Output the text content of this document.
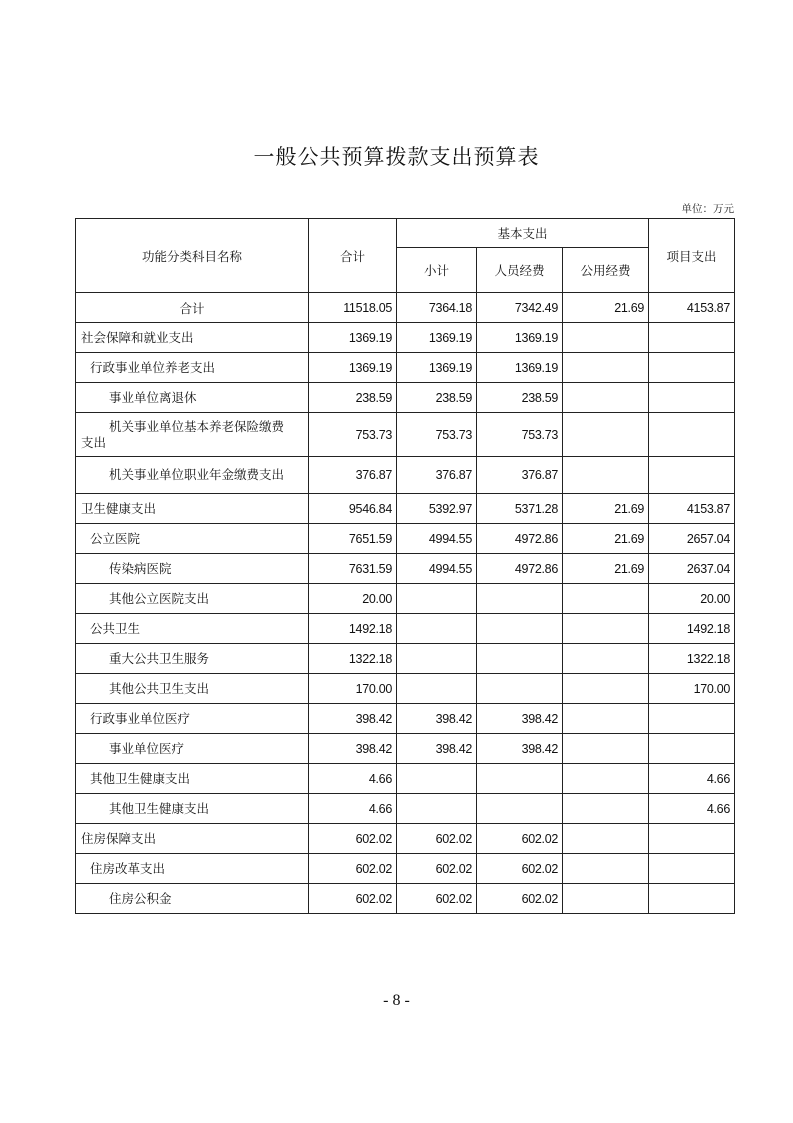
一般公共预算拨款支出预算表
单位：万元
功能分类科目名称	合计	基本支出			项目支出
		小计	人员经费	公用经费	
合计	11518.05	7364.18	7342.49	21.69	4153.87
社会保障和就业支出	1369.19	1369.19	1369.19		
行政事业单位养老支出	1369.19	1369.19	1369.19		
事业单位离退休	238.59	238.59	238.59		

机关事业单位基本养老保险缴费
支出	753.73	753.73	753.73		
机关事业单位职业年金缴费支出	376.87	376.87	376.87		
卫生健康支出	9546.84	5392.97	5371.28	21.69	4153.87
公立医院	7651.59	4994.55	4972.86	21.69	2657.04
传染病医院	7631.59	4994.55	4972.86	21.69	2637.04
其他公立医院支出	20.00				20.00
公共卫生	1492.18				1492.18
重大公共卫生服务	1322.18				1322.18
其他公共卫生支出	170.00				170.00
行政事业单位医疗	398.42	398.42	398.42		
事业单位医疗	398.42	398.42	398.42		
其他卫生健康支出	4.66				4.66
其他卫生健康支出	4.66				4.66
住房保障支出	602.02	602.02	602.02		
住房改革支出	602.02	602.02	602.02		
住房公积金	602.02	602.02	602.02		
- 8 -
